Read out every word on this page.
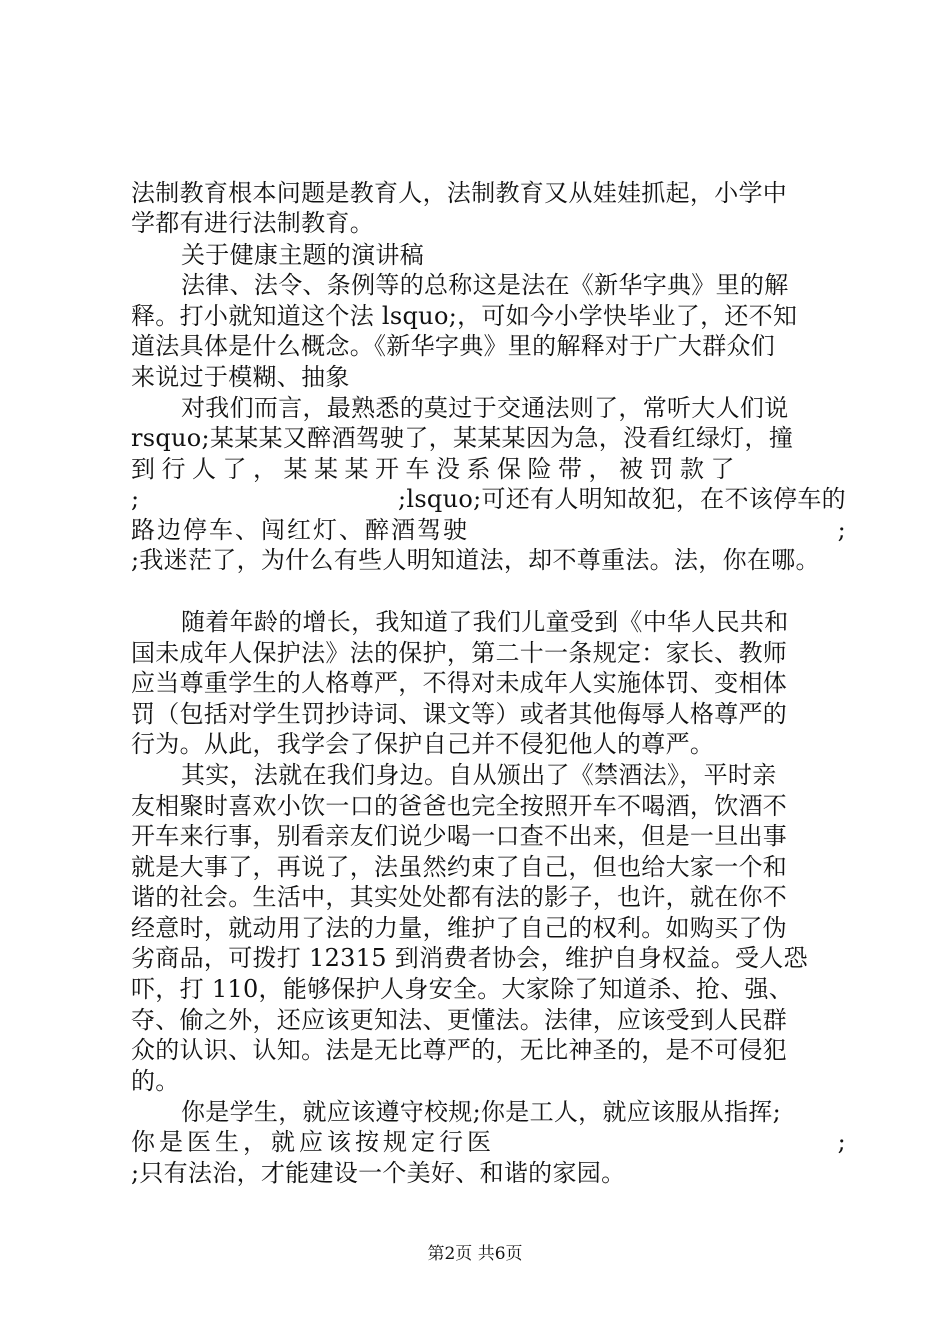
法制教育根本问题是教育人，法制教育又从娃娃抓起，小学中
学都有进行法制教育。
关于健康主题的演讲稿
法律、法令、条例等的总称这是法在《新华字典》里的解
释。打小就知道这个法 lsquo;，可如今小学快毕业了，还不知
道法具体是什么概念。《新华字典》里的解释对于广大群众们
来说过于模糊、抽象
对我们而言，最熟悉的莫过于交通法则了，常听大人们说
rsquo;某某某又醉酒驾驶了，某某某因为急，没看红绿灯，撞
到行人了，某某某开车没系保险带，被罚款了
;	;lsquo;可还有人明知故犯，在不该停车的
路边停车、闯红灯、醉酒驾驶	;
;我迷茫了，为什么有些人明知道法，却不尊重法。法，你在哪。
随着年龄的增长，我知道了我们儿童受到《中华人民共和
国未成年人保护法》法的保护，第二十一条规定：家长、教师
应当尊重学生的人格尊严，不得对未成年人实施体罚、变相体
罚（包括对学生罚抄诗词、课文等）或者其他侮辱人格尊严的
行为。从此，我学会了保护自己并不侵犯他人的尊严。
其实，法就在我们身边。自从颁出了《禁酒法》，平时亲
友相聚时喜欢小饮一口的爸爸也完全按照开车不喝酒，饮酒不
开车来行事，别看亲友们说少喝一口查不出来，但是一旦出事
就是大事了，再说了，法虽然约束了自己，但也给大家一个和
谐的社会。生活中，其实处处都有法的影子，也许，就在你不
经意时，就动用了法的力量，维护了自己的权利。如购买了伪
劣商品，可拨打 12315 到消费者协会，维护自身权益。受人恐
吓，打 110，能够保护人身安全。大家除了知道杀、抢、强、
夺、偷之外，还应该更知法、更懂法。法律，应该受到人民群
众的认识、认知。法是无比尊严的，无比神圣的，是不可侵犯
的。
你是学生，就应该遵守校规;你是工人，就应该服从指挥;
你是医生，就应该按规定行医	;
;只有法治，才能建设一个美好、和谐的家园。
第2页 共6页
